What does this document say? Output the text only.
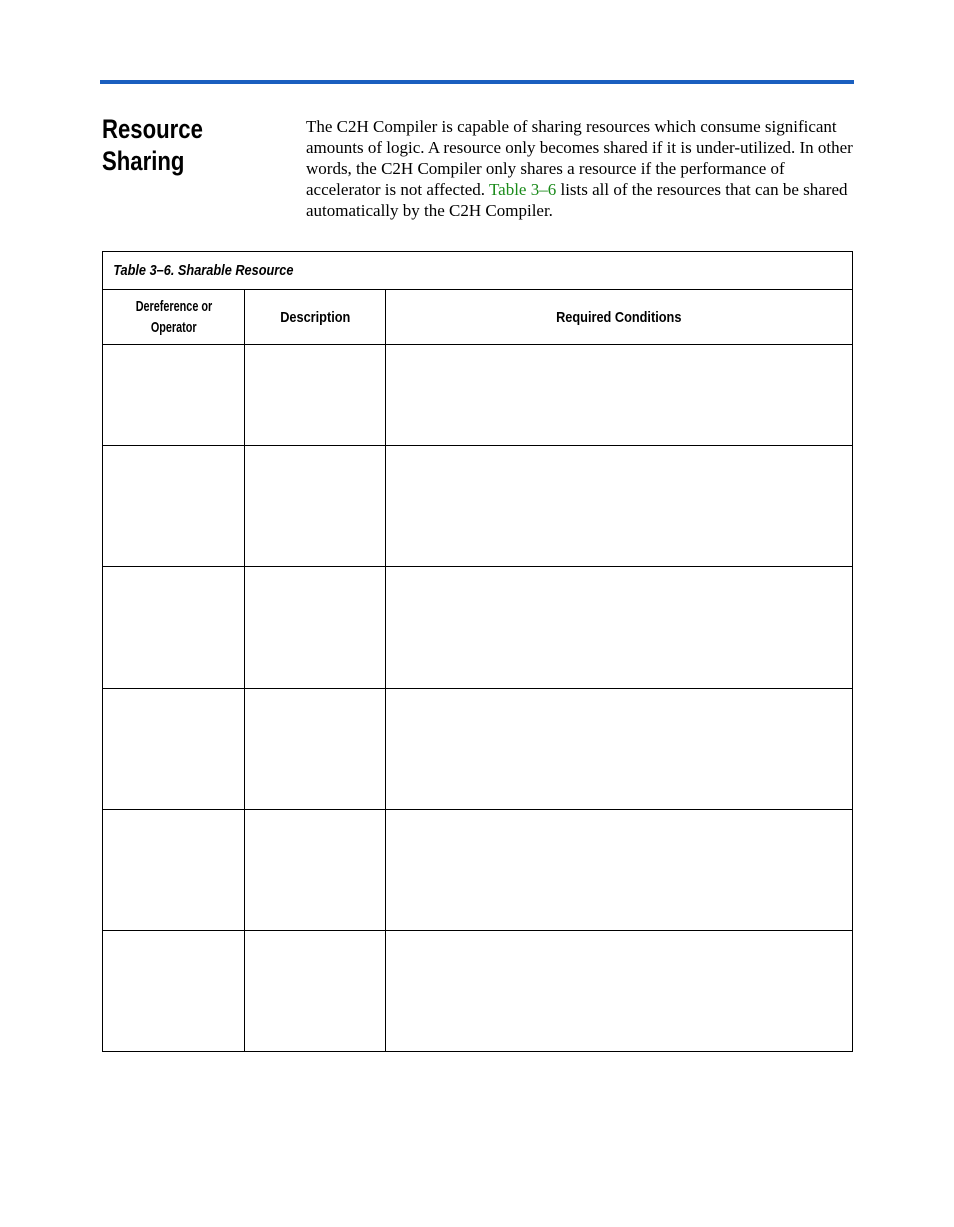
Resource
Sharing
The C2H Compiler is capable of sharing resources which consume significant amounts of logic. A resource only becomes shared if it is under-utilized. In other words, the C2H Compiler only shares a resource if the performance of accelerator is not affected. Table 3–6 lists all of the resources that can be shared automatically by the C2H Compiler.
Table 3–6. Sharable Resource		
Dereference or
Operator	Description	Required Conditions
